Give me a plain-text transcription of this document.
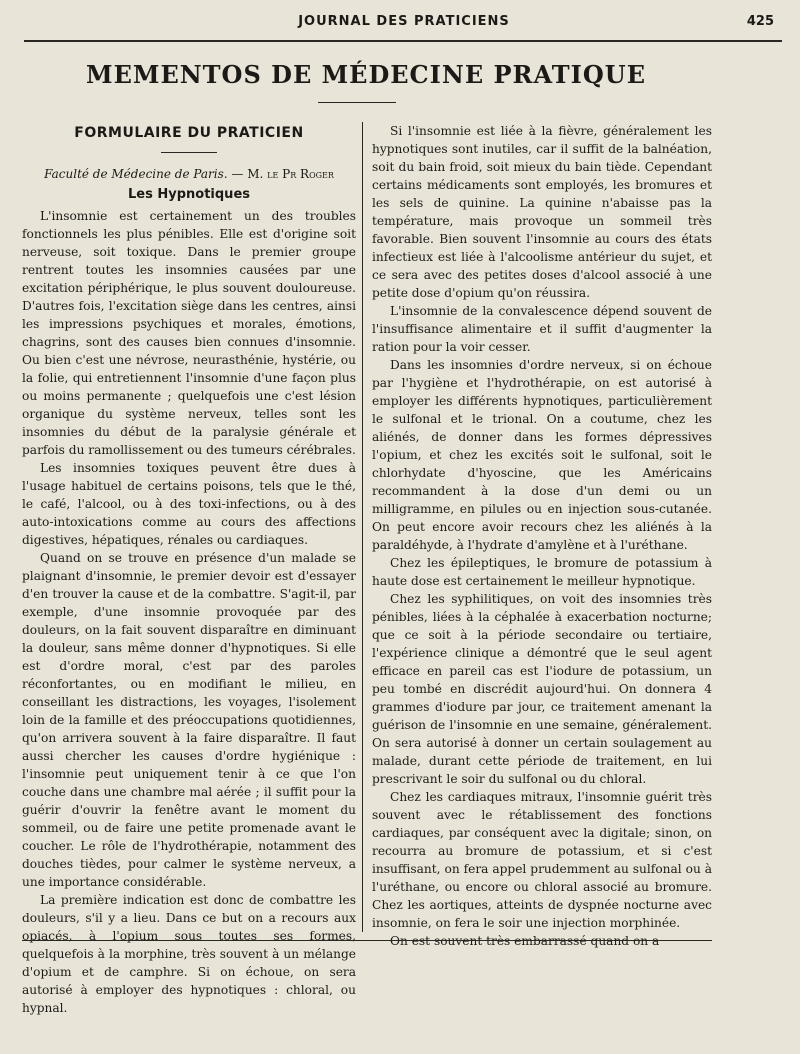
JOURNAL DES PRATICIENS	425
MEMENTOS DE MÉDECINE PRATIQUE
FORMULAIRE DU PRATICIEN

Faculté de Médecine de Paris. — M. le Pr Roger

Les Hypnotiques

L'insomnie est certainement un des troubles fonctionnels les plus pénibles. Elle est d'origine soit nerveuse, soit toxique. Dans le premier groupe rentrent toutes les insomnies causées par une excitation périphérique, le plus souvent douloureuse. D'autres fois, l'excitation siège dans les centres, ainsi les impressions psychiques et morales, émotions, chagrins, sont des causes bien connues d'insomnie. Ou bien c'est une névrose, neurasthénie, hystérie, ou la folie, qui entretiennent l'insomnie d'une façon plus ou moins permanente ; quelquefois une c'est lésion organique du système nerveux, telles sont les insomnies du début de la paralysie générale et parfois du ramollissement ou des tumeurs cérébrales.

Les insomnies toxiques peuvent être dues à l'usage habituel de certains poisons, tels que le thé, le café, l'alcool, ou à des toxi-infections, ou à des auto-intoxications comme au cours des affections digestives, hépatiques, rénales ou cardiaques.

Quand on se trouve en présence d'un malade se plaignant d'insomnie, le premier devoir est d'essayer d'en trouver la cause et de la combattre. S'agit-il, par exemple, d'une insomnie provoquée par des douleurs, on la fait souvent disparaître en diminuant la douleur, sans même donner d'hypnotiques. Si elle est d'ordre moral, c'est par des paroles réconfortantes, ou en modifiant le milieu, en conseillant les distractions, les voyages, l'isolement loin de la famille et des préoccupations quotidiennes, qu'on arrivera souvent à la faire disparaître. Il faut aussi chercher les causes d'ordre hygiénique : l'insomnie peut uniquement tenir à ce que l'on couche dans une chambre mal aérée ; il suffit pour la guérir d'ouvrir la fenêtre avant le moment du sommeil, ou de faire une petite promenade avant le coucher. Le rôle de l'hydrothérapie, notamment des douches tièdes, pour calmer le système nerveux, a une importance considérable.

La première indication est donc de combattre les douleurs, s'il y a lieu. Dans ce but on a recours aux opiacés, à l'opium sous toutes ses formes, quelquefois à la morphine, très souvent à un mélange d'opium et de camphre. Si on échoue, on sera autorisé à employer des hypnotiques : chloral, ou hypnal.

Si l'insomnie est liée à la fièvre, généralement les hypnotiques sont inutiles, car il suffit de la balnéation, soit du bain froid, soit mieux du bain tiède. Cependant certains médicaments sont employés, les bromures et les sels de quinine. La quinine n'abaisse pas la température, mais provoque un sommeil très favorable. Bien souvent l'insomnie au cours des états infectieux est liée à l'alcoolisme antérieur du sujet, et ce sera avec des petites doses d'alcool associé à une petite dose d'opium qu'on réussira.

L'insomnie de la convalescence dépend souvent de l'insuffisance alimentaire et il suffit d'augmenter la ration pour la voir cesser.

Dans les insomnies d'ordre nerveux, si on échoue par l'hygiène et l'hydrothérapie, on est autorisé à employer les différents hypnotiques, particulièrement le sulfonal et le trional. On a coutume, chez les aliénés, de donner dans les formes dépressives l'opium, et chez les excités soit le sulfonal, soit le chlorhydate d'hyoscine, que les Américains recommandent à la dose d'un demi ou un milligramme, en pilules ou en injection sous-cutanée. On peut encore avoir recours chez les aliénés à la paraldéhyde, à l'hydrate d'amylène et à l'uréthane.

Chez les épileptiques, le bromure de potassium à haute dose est certainement le meilleur hypnotique.

Chez les syphilitiques, on voit des insomnies très pénibles, liées à la céphalée à exacerbation nocturne; que ce soit à la période secondaire ou tertiaire, l'expérience clinique a démontré que le seul agent efficace en pareil cas est l'iodure de potassium, un peu tombé en discrédit aujourd'hui. On donnera 4 grammes d'iodure par jour, ce traitement amenant la guérison de l'insomnie en une semaine, généralement. On sera autorisé à donner un certain soulagement au malade, durant cette période de traitement, en lui prescrivant le soir du sulfonal ou du chloral.

Chez les cardiaques mitraux, l'insomnie guérit très souvent avec le rétablissement des fonctions cardiaques, par conséquent avec la digitale; sinon, on recourra au bromure de potassium, et si c'est insuffisant, on fera appel prudemment au sulfonal ou à l'uréthane, ou encore ou chloral associé au bromure. Chez les aortiques, atteints de dyspnée nocturne avec insomnie, on fera le soir une injection morphinée.

On est souvent très embarrassé quand on a
